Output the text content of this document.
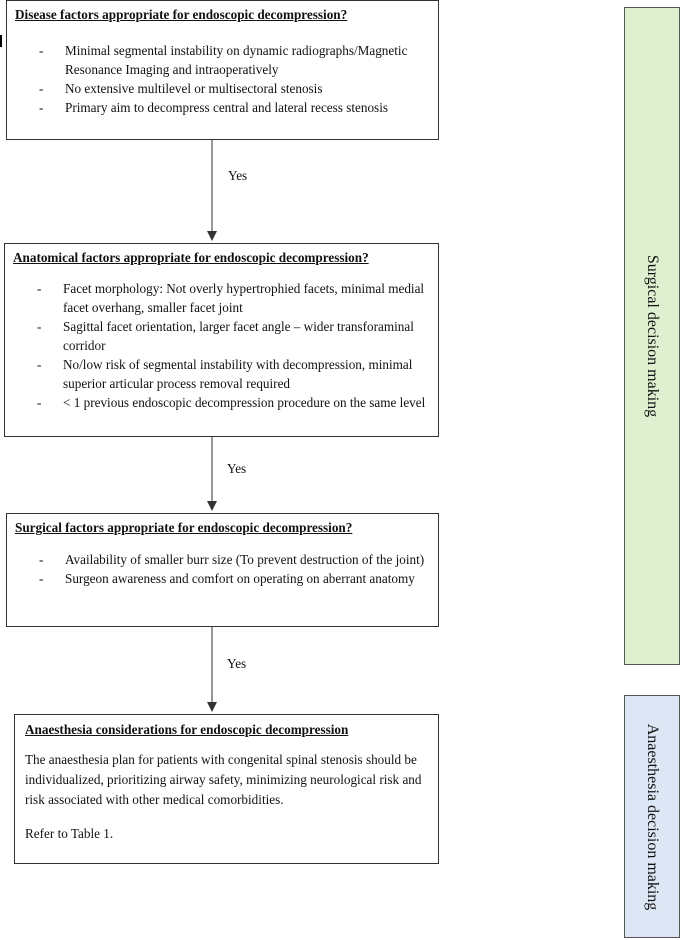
Disease factors appropriate for endoscopic decompression?
- Minimal segmental instability on dynamic radiographs/Magnetic Resonance Imaging and intraoperatively
- No extensive multilevel or multisectoral stenosis
- Primary aim to decompress central and lateral recess stenosis
Anatomical factors appropriate for endoscopic decompression?
- Facet morphology: Not overly hypertrophied facets, minimal medial facet overhang, smaller facet joint
- Sagittal facet orientation, larger facet angle – wider transforaminal corridor
- No/low risk of segmental instability with decompression, minimal superior articular process removal required
- < 1 previous endoscopic decompression procedure on the same level
Surgical factors appropriate for endoscopic decompression?
- Availability of smaller burr size (To prevent destruction of the joint)
- Surgeon awareness and comfort on operating on aberrant anatomy
Anaesthesia considerations for endoscopic decompression

The anaesthesia plan for patients with congenital spinal stenosis should be individualized, prioritizing airway safety, minimizing neurological risk and risk associated with other medical comorbidities.

Refer to Table 1.

Yes
Yes
Yes
Surgical decision making
Anaesthesia decision making
